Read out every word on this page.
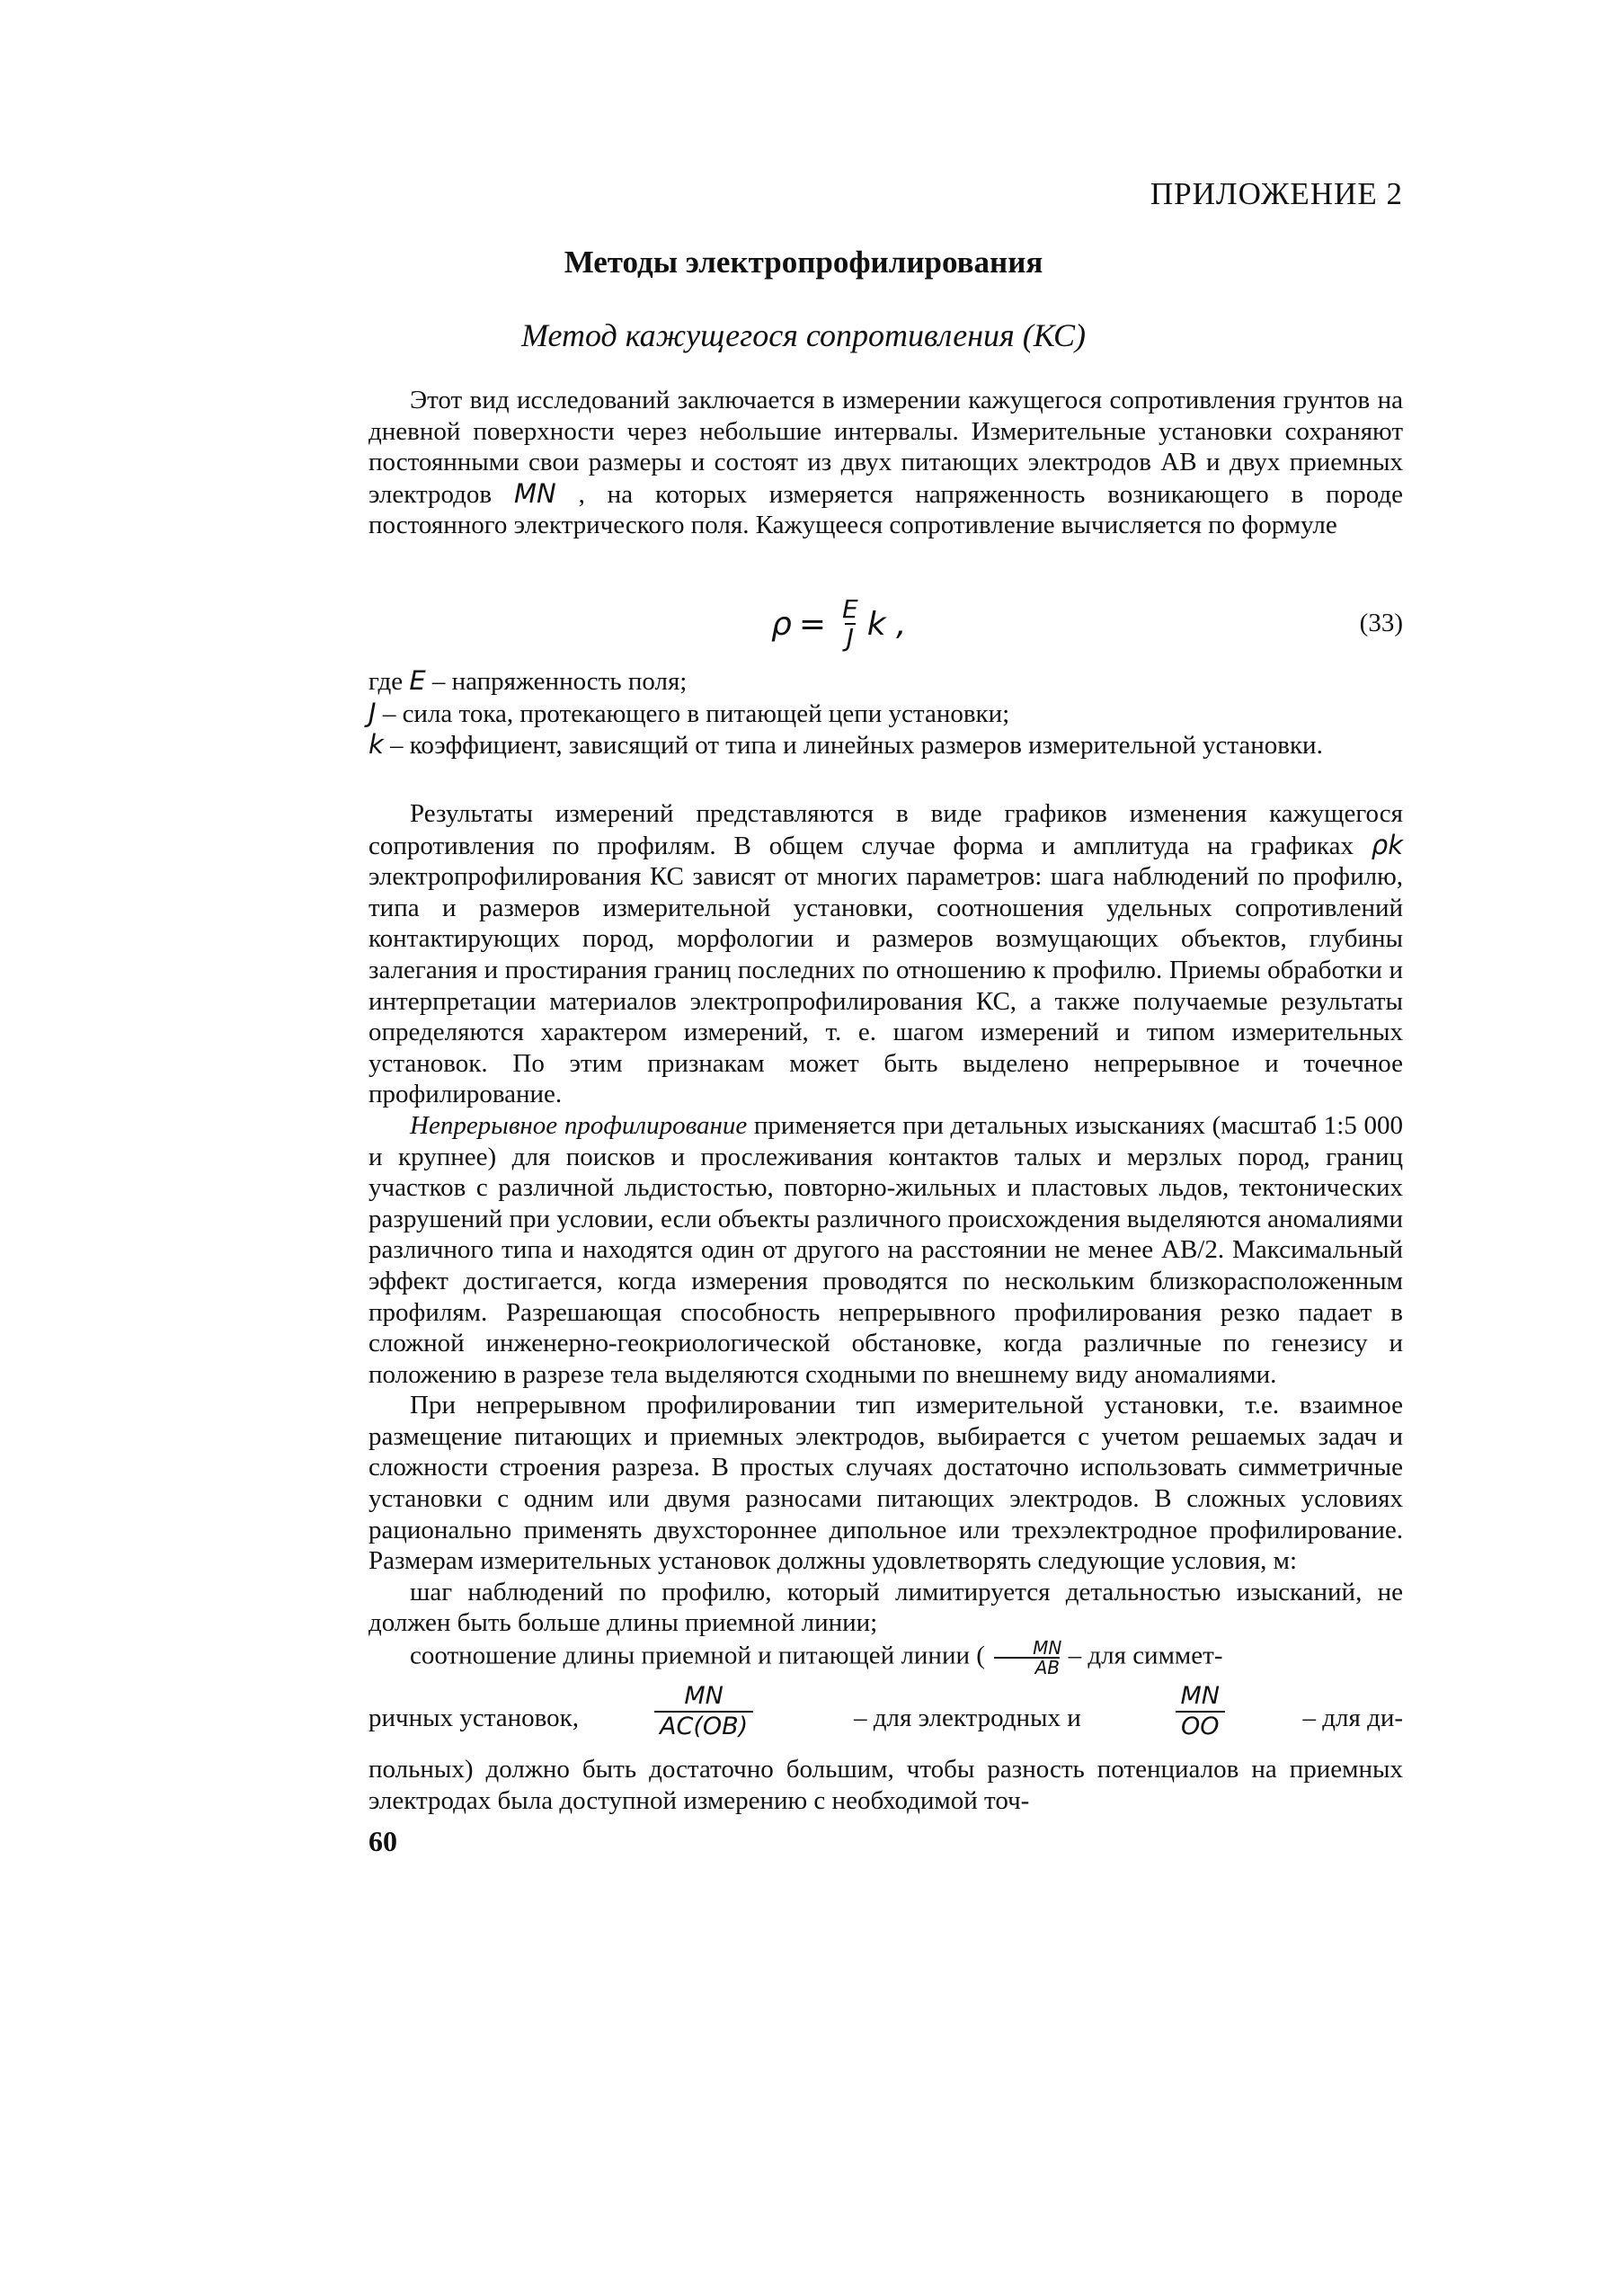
ПРИЛОЖЕНИЕ 2
Методы электропрофилирования
Метод кажущегося сопротивления (КС)

Этот вид исследований заключается в измерении кажущегося сопротивления грунтов на дневной поверхности через небольшие интервалы. Измерительные установки сохраняют постоянными свои размеры и состоят из двух питающих электродов АВ и двух приемных электродов MN , на которых измеряется напряженность возникающего в породе постоянного электрического поля. Кажущееся сопротивление вычисляется по формуле

$\rho = \frac{E}{J}$ k ,	(33)

где E – напряженность поля;

J – сила тока, протекающего в питающей цепи установки;

k – коэффициент, зависящий от типа и линейных размеров измерительной установки.

Результаты измерений представляются в виде графиков изменения кажущегося сопротивления по профилям. В общем случае форма и амплитуда на графиках ρk электропрофилирования КС зависят от многих параметров: шага наблюдений по профилю, типа и размеров измерительной установки, соотношения удельных сопротивлений контактирующих пород, морфологии и размеров возмущающих объектов, глубины залегания и простирания границ последних по отношению к профилю. Приемы обработки и интерпретации материалов электропрофилирования КС, а также получаемые результаты определяются характером измерений, т. е. шагом измерений и типом измерительных установок. По этим признакам может быть выделено непрерывное и точечное профилирование.

Непрерывное профилирование применяется при детальных изысканиях (масштаб 1:5 000 и крупнее) для поисков и прослеживания контактов талых и мерзлых пород, границ участков с различной льдистостью, повторно-жильных и пластовых льдов, тектонических разрушений при условии, если объекты различного происхождения выделяются аномалиями различного типа и находятся один от другого на расстоянии не менее АВ/2. Максимальный эффект достигается, когда измерения проводятся по нескольким близкорасположенным профилям. Разрешающая способность непрерывного профилирования резко падает в сложной инженерно-геокриологической обстановке, когда различные по генезису и положению в разрезе тела выделяются сходными по внешнему виду аномалиями.

При непрерывном профилировании тип измерительной установки, т.е. взаимное размещение питающих и приемных электродов, выбирается с учетом решаемых задач и сложности строения разреза. В простых случаях достаточно использовать симметричные установки с одним или двумя разносами питающих электродов. В сложных условиях рационально применять двухстороннее дипольное или трехэлектродное профилирование. Размерам измерительных установок должны удовлетворять следующие условия, м:

шаг наблюдений по профилю, который лимитируется детальностью изысканий, не должен быть больше длины приемной линии;

соотношение длины приемной и питающей линии ( $\frac{MN}{AB}$ – для симмет-

ричных установок,	$\frac{MN}{AC(OB)}$	– для электродных и	$\frac{MN}{OO}$	– для ди-
60

польных) должно быть достаточно большим, чтобы разность потенциалов на приемных электродах была доступной измерению с необходимой точ-
